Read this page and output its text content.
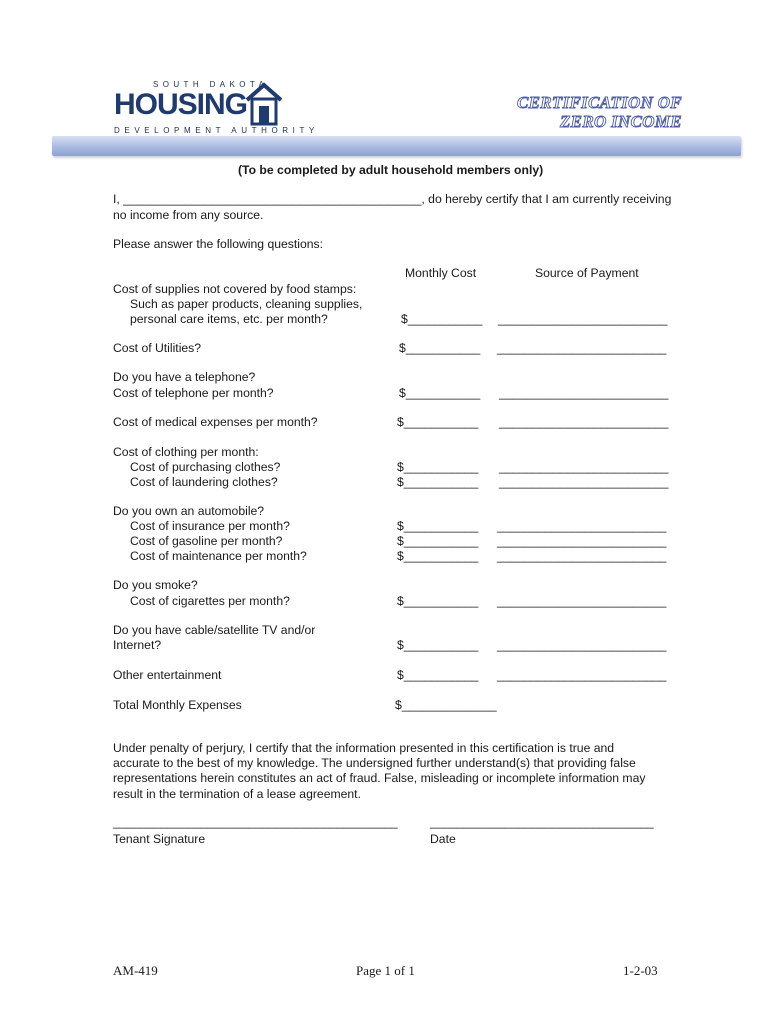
SOUTH DAKOTA
HOUSING
DEVELOPMENT AUTHORITY
CERTIFICATION OF
ZERO INCOME
(To be completed by adult household members only)
I, ____________________________________________, do hereby certify that I am currently receiving
no income from any source.
Please answer the following questions:
Monthly Cost	Source of Payment
Cost of supplies not covered by food stamps:
Such as paper products, cleaning supplies,
personal care items, etc. per month?	$___________ _________________________
Cost of Utilities?	$___________ _________________________
Do you have a telephone?
Cost of telephone per month?	$___________ _________________________
Cost of medical expenses per month?	$___________ _________________________
Cost of clothing per month:
Cost of purchasing clothes?	$___________ _________________________
Cost of laundering clothes?	$___________ _________________________
Do you own an automobile?
Cost of insurance per month?	$___________ _________________________
Cost of gasoline per month?	$___________ _________________________
Cost of maintenance per month?	$___________ _________________________
Do you smoke?
Cost of cigarettes per month?	$___________ _________________________
Do you have cable/satellite TV and/or
Internet?	$___________ _________________________
Other entertainment	$___________ _________________________
Total Monthly Expenses	$______________
Under penalty of perjury, I certify that the information presented in this certification is true and
accurate to the best of my knowledge. The undersigned further understand(s) that providing false
representations herein constitutes an act of fraud. False, misleading or incomplete information may
result in the termination of a lease agreement.
__________________________________________
Tenant Signature
_________________________________
Date
AM-419	Page 1 of 1	1-2-03
